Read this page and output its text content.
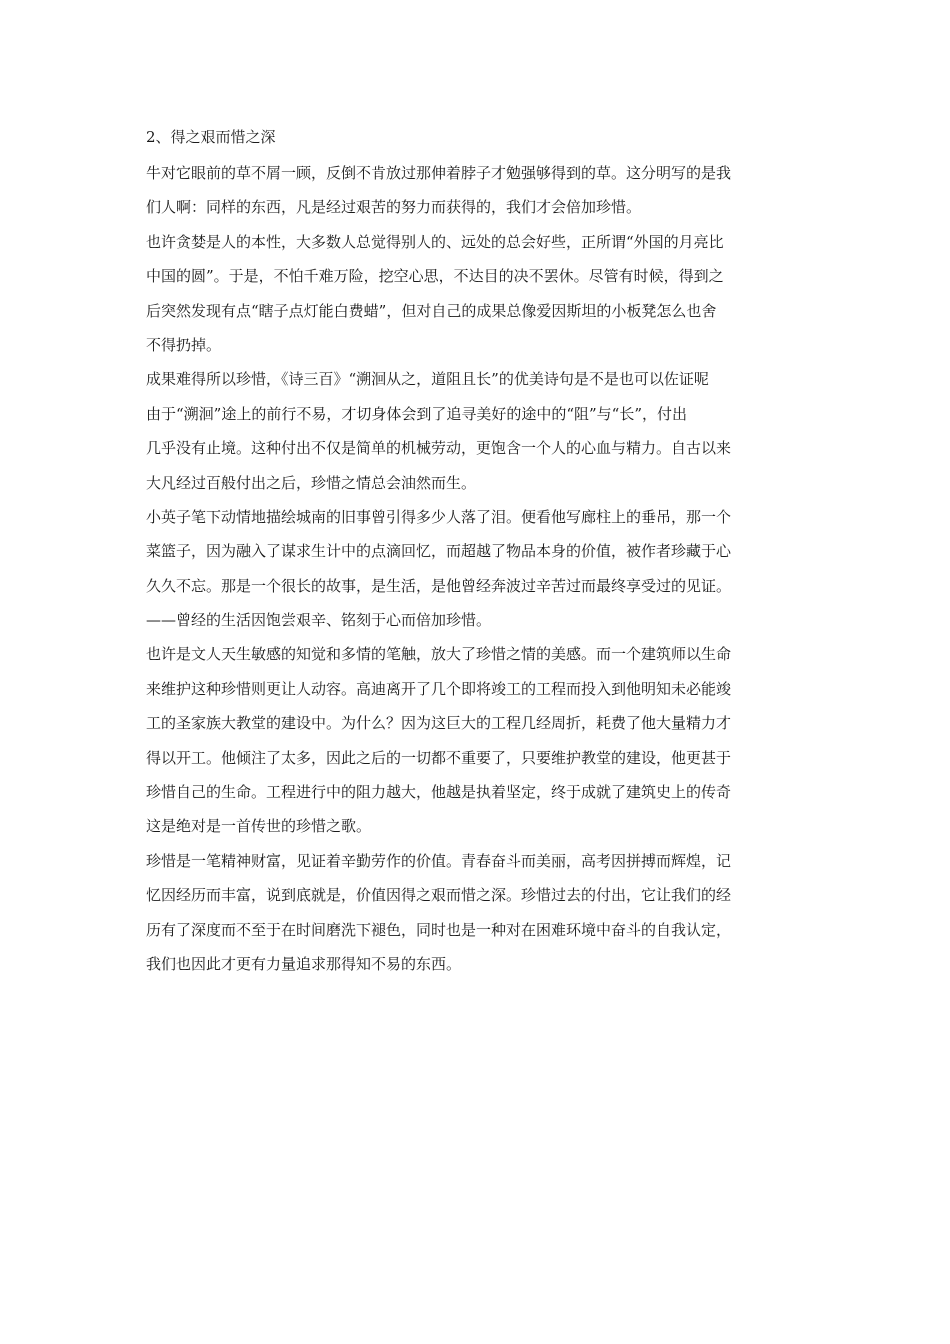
2、得之艰而惜之深
牛对它眼前的草不屑一顾，反倒不肯放过那伸着脖子才勉强够得到的草。这分明写的是我
们人啊：同样的东西，凡是经过艰苦的努力而获得的，我们才会倍加珍惜。
也许贪婪是人的本性，大多数人总觉得别人的、远处的总会好些，正所谓“外国的月亮比
中国的圆”。于是，不怕千难万险，挖空心思，不达目的决不罢休。尽管有时候，得到之
后突然发现有点“瞎子点灯能白费蜡”，但对自己的成果总像爱因斯坦的小板凳怎么也舍
不得扔掉。
成果难得所以珍惜，《诗三百》“溯洄从之，道阻且长”的优美诗句是不是也可以佐证呢
由于“溯洄”途上的前行不易，才切身体会到了追寻美好的途中的“阻”与“长”，付出
几乎没有止境。这种付出不仅是简单的机械劳动，更饱含一个人的心血与精力。自古以来
大凡经过百般付出之后，珍惜之情总会油然而生。
小英子笔下动情地描绘城南的旧事曾引得多少人落了泪。便看他写廊柱上的垂吊，那一个
菜篮子，因为融入了谋求生计中的点滴回忆，而超越了物品本身的价值，被作者珍藏于心
久久不忘。那是一个很长的故事，是生活，是他曾经奔波过辛苦过而最终享受过的见证。
——曾经的生活因饱尝艰辛、铭刻于心而倍加珍惜。
也许是文人天生敏感的知觉和多情的笔触，放大了珍惜之情的美感。而一个建筑师以生命
来维护这种珍惜则更让人动容。高迪离开了几个即将竣工的工程而投入到他明知未必能竣
工的圣家族大教堂的建设中。为什么？因为这巨大的工程几经周折，耗费了他大量精力才
得以开工。他倾注了太多，因此之后的一切都不重要了，只要维护教堂的建设，他更甚于
珍惜自己的生命。工程进行中的阻力越大，他越是执着坚定，终于成就了建筑史上的传奇
这是绝对是一首传世的珍惜之歌。
珍惜是一笔精神财富，见证着辛勤劳作的价值。青春奋斗而美丽，高考因拼搏而辉煌，记
忆因经历而丰富，说到底就是，价值因得之艰而惜之深。珍惜过去的付出，它让我们的经
历有了深度而不至于在时间磨洗下褪色，同时也是一种对在困难环境中奋斗的自我认定，
我们也因此才更有力量追求那得知不易的东西。
